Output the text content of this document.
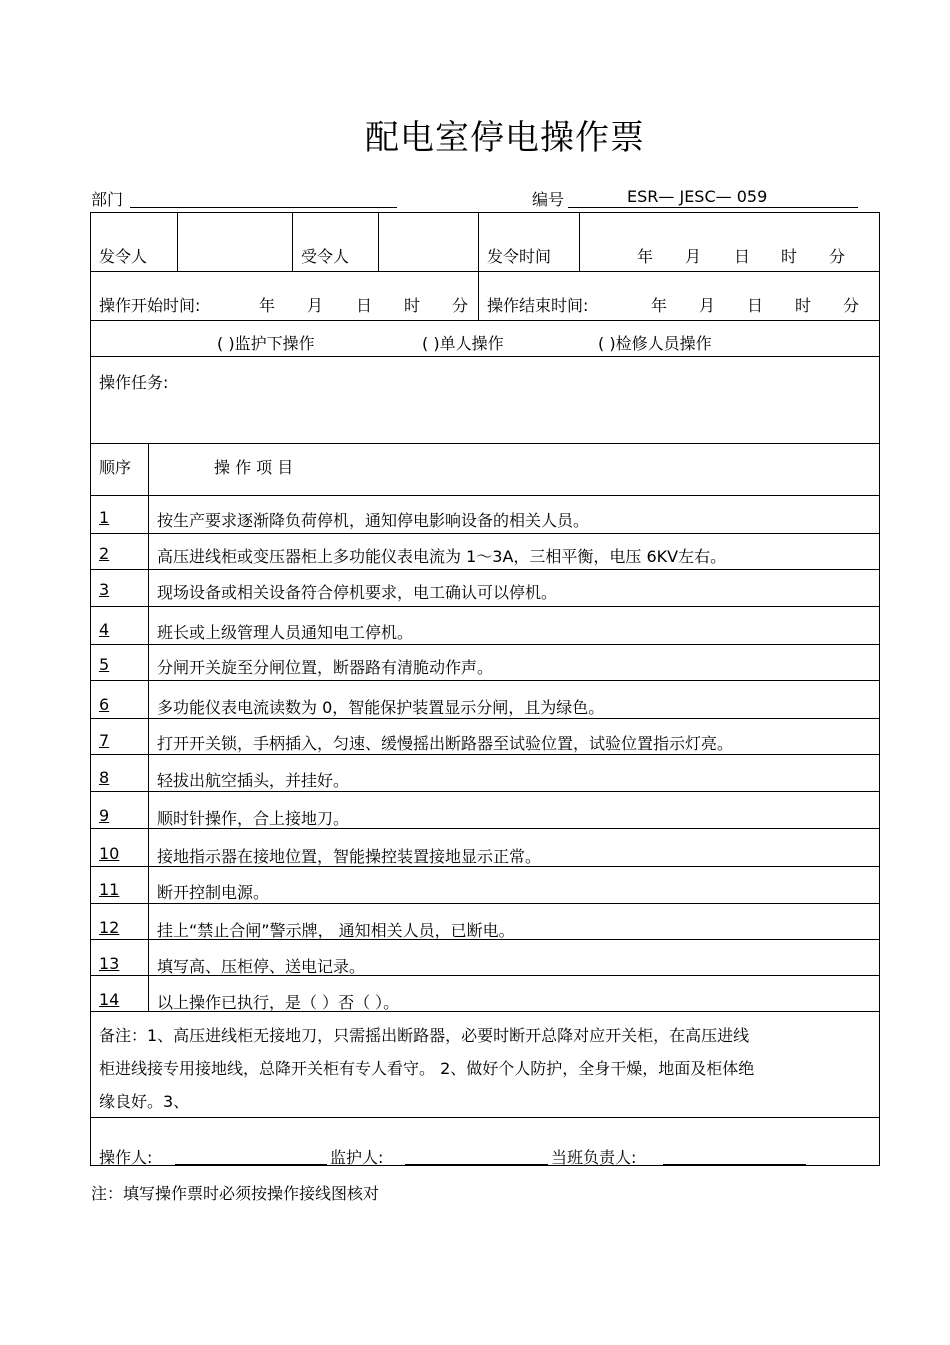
配电室停电操作票
部门	编号	ESR— JESC— 059
发令人	受令人	发令时间	年 月 日 时 分
操作开始时间:	年 月 日 时 分 操作结束时间:	年 月 日 时 分
( )监护下操作	( )单人操作	( )检修人员操作
操作任务:
顺序	操 作 项 目
1	按生产要求逐渐降负荷停机，通知停电影响设备的相关人员。
2	高压进线柜或变压器柜上多功能仪表电流为 1～3A，三相平衡，电压 6KV左右。
3	现场设备或相关设备符合停机要求，电工确认可以停机。
4	班长或上级管理人员通知电工停机。
5	分闸开关旋至分闸位置，断器路有清脆动作声。
6	多功能仪表电流读数为 0，智能保护装置显示分闸，且为绿色。
7	打开开关锁，手柄插入，匀速、缓慢摇出断路器至试验位置，试验位置指示灯亮。
8	轻拔出航空插头，并挂好。
9	顺时针操作，合上接地刀。
10 接地指示器在接地位置，智能操控装置接地显示正常。
11 断开控制电源。
12 挂上“禁止合闸”警示牌， 通知相关人员，已断电。
13 填写高、压柜停、送电记录。
14 以上操作已执行，是（ ）否（ ）。
备注：1、高压进线柜无接地刀，只需摇出断路器，必要时断开总降对应开关柜，在高压进线
柜进线接专用接地线，总降开关柜有专人看守。 2、做好个人防护，全身干燥，地面及柜体绝
缘良好。3、
操作人:	监护人:	当班负责人:
注：填写操作票时必须按操作接线图核对
